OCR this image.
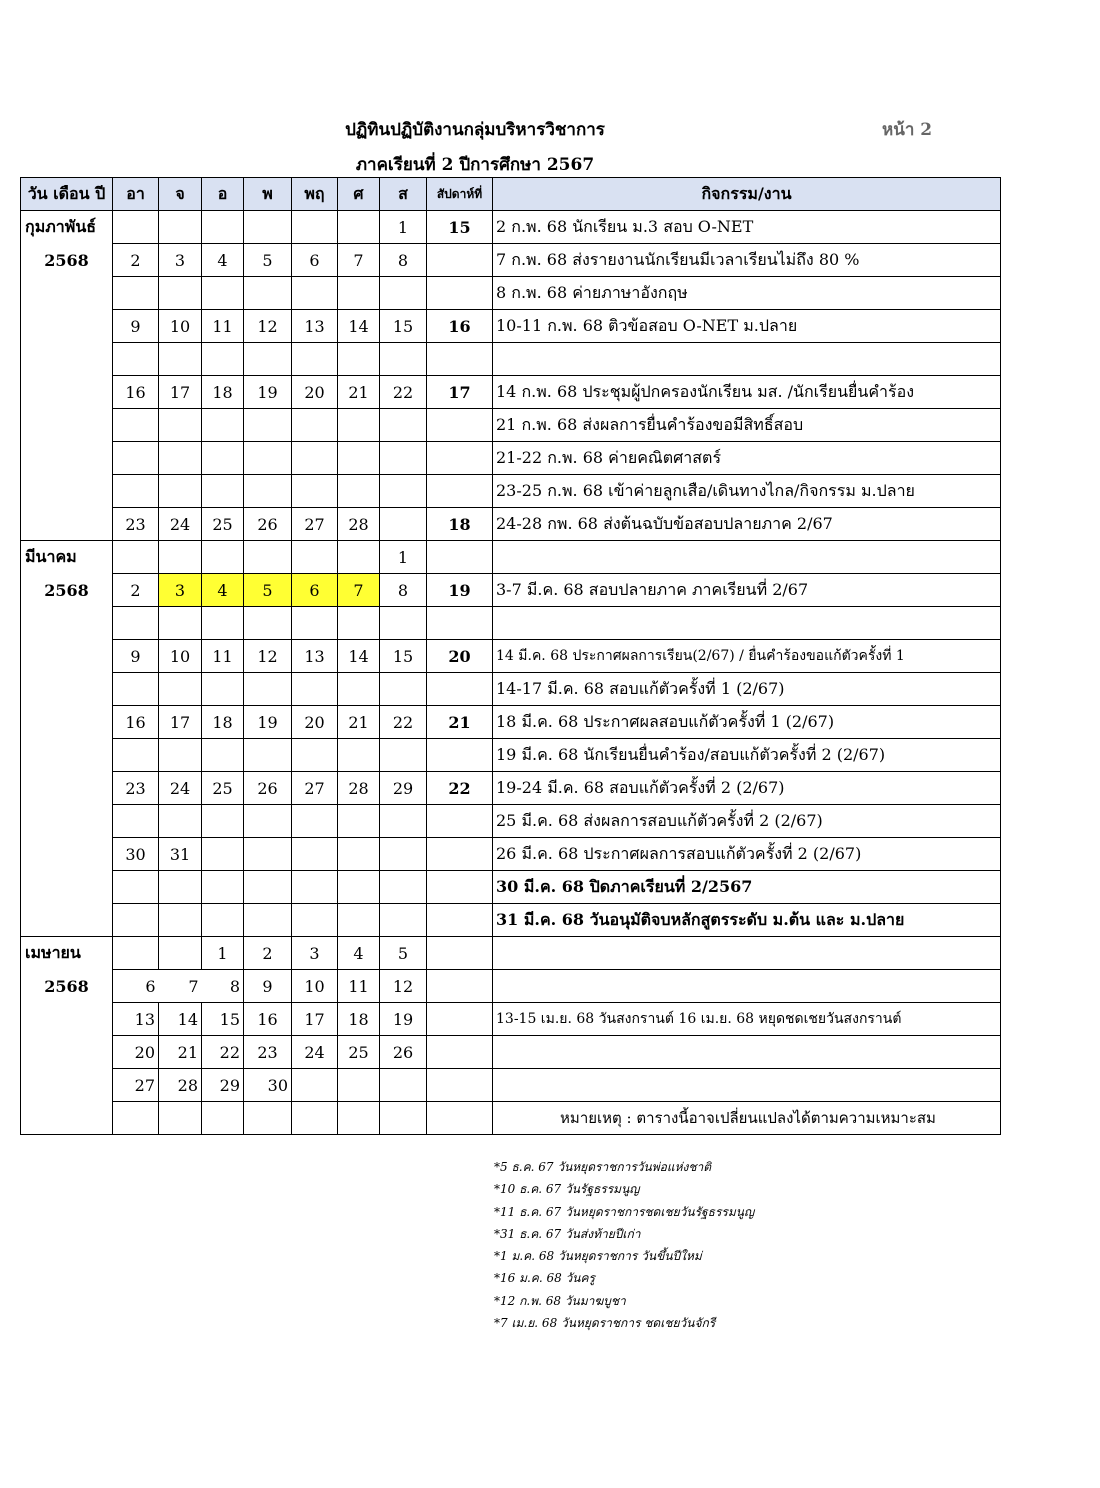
ปฏิทินปฏิบัติงานกลุ่มบริหารวิชาการ
ภาคเรียนที่ 2 ปีการศึกษา 2567
หน้า 2
วัน เดือน ปี	อา	จ	อ	พ	พฤ	ศ	ส	สัปดาห์ที่	กิจกรรม/งาน
กุมภาพันธ์							1	15	2 ก.พ. 68 นักเรียน ม.3 สอบ O-NET
2568	2	3	4	5	6	7	8		7 ก.พ. 68 ส่งรายงานนักเรียนมีเวลาเรียนไม่ถึง 80 %
									8 ก.พ. 68 ค่ายภาษาอังกฤษ
	9	10	11	12	13	14	15	16	10-11 ก.พ. 68 ติวข้อสอบ O-NET ม.ปลาย

	16	17	18	19	20	21	22	17	14 ก.พ. 68 ประชุมผู้ปกครองนักเรียน มส. /นักเรียนยื่นคำร้อง
									21 ก.พ. 68 ส่งผลการยื่นคำร้องขอมีสิทธิ์สอบ
									21-22 ก.พ. 68 ค่ายคณิตศาสตร์
									23-25 ก.พ. 68 เข้าค่ายลูกเสือ/เดินทางไกล/กิจกรรม ม.ปลาย
	23	24	25	26	27	28		18	24-28 กพ. 68 ส่งต้นฉบับข้อสอบปลายภาค 2/67
มีนาคม							1		
2568	2	3	4	5	6	7	8	19	3-7 มี.ค. 68 สอบปลายภาค ภาคเรียนที่ 2/67

	9	10	11	12	13	14	15	20	14 มี.ค. 68 ประกาศผลการเรียน(2/67) / ยื่นคำร้องขอแก้ตัวครั้งที่ 1
									14-17 มี.ค. 68 สอบแก้ตัวครั้งที่ 1 (2/67)
	16	17	18	19	20	21	22	21	18 มี.ค. 68 ประกาศผลสอบแก้ตัวครั้งที่ 1 (2/67)
									19 มี.ค. 68 นักเรียนยื่นคำร้อง/สอบแก้ตัวครั้งที่ 2 (2/67)
	23	24	25	26	27	28	29	22	19-24 มี.ค. 68 สอบแก้ตัวครั้งที่ 2 (2/67)
									25 มี.ค. 68 ส่งผลการสอบแก้ตัวครั้งที่ 2 (2/67)
	30	31							26 มี.ค. 68 ประกาศผลการสอบแก้ตัวครั้งที่ 2 (2/67)
									30 มี.ค. 68 ปิดภาคเรียนที่ 2/2567
									31 มี.ค. 68 วันอนุมัติจบหลักสูตรระดับ ม.ต้น และ ม.ปลาย
เมษายน			1	2	3	4	5		
2568	6	7	8	9	10	11	12		
	13	14	15	16	17	18	19		13-15 เม.ย. 68 วันสงกรานต์ 16 เม.ย. 68 หยุดชดเชยวันสงกรานต์
	20	21	22	23	24	25	26		
	27	28	29	30					
									หมายเหตุ : ตารางนี้อาจเปลี่ยนแปลงได้ตามความเหมาะสม
*5 ธ.ค. 67 วันหยุดราชการวันพ่อแห่งชาติ
*10 ธ.ค. 67 วันรัฐธรรมนูญ
*11 ธ.ค. 67 วันหยุดราชการชดเชยวันรัฐธรรมนูญ
*31 ธ.ค. 67 วันส่งท้ายปีเก่า
*1 ม.ค. 68 วันหยุดราชการ วันขึ้นปีใหม่
*16 ม.ค. 68 วันครู
*12 ก.พ. 68 วันมาฆบูชา
*7 เม.ย. 68 วันหยุดราชการ ชดเชยวันจักรี
